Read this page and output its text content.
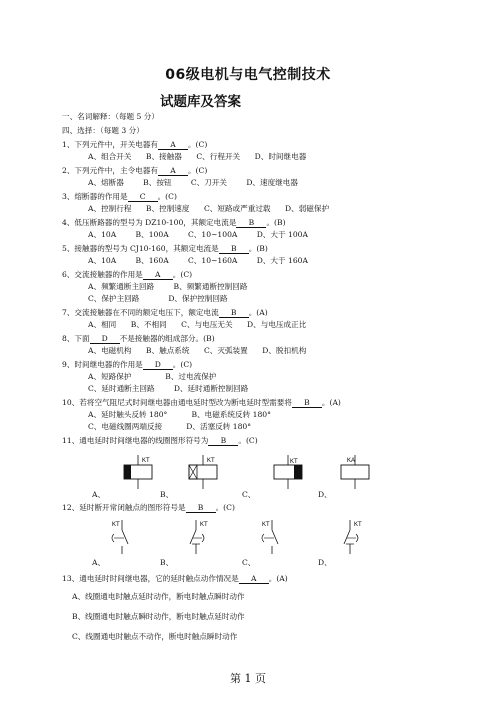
06级电机与电气控制技术
试题库及答案
一、名词解释：（每题 5 分）
四、选择：（每题 3 分）
1、下列元件中，开关电器有 A 。(C)
A、组合开关      B、接触器      C、行程开关      D、时间继电器
2、下列元件中，主令电器有 A 。(C)
A、熔断器        B、按钮        C、刀开关        D、速度继电器
3、熔断器的作用是 C 。(C)
A、控制行程      B、控制速度      C、短路或严重过载      D、弱磁保护
4、低压断路器的型号为 DZ10-100，其额定电流是 B 。(B)
A、10A        B、100A        C、10~100A        D、大于 100A
5、接触器的型号为 CJ10-160，其额定电流是 B 。(B)
A、10A        B、160A        C、10~160A        D、大于 160A
6、交流接触器的作用是 A 。(C)
A、频繁通断主回路        B、频繁通断控制回路
C、保护主回路            D、保护控制回路
7、交流接触器在不同的额定电压下，额定电流 B 。(A)
A、相同      B、不相同      C、与电压无关      D、与电压成正比
8、下面 D 不是接触器的组成部分。(B)
A、电磁机构      B、触点系统      C、灭弧装置      D、脱扣机构
9、时间继电器的作用是 D 。(C)
A、短路保护              B、过电流保护
C、延时通断主回路        D、延时通断控制回路
10、若将空气阻尼式时间继电器由通电延时型改为断电延时型需要将 B 。(A)
A、延时触头反转 180°          B、电磁系统反转 180°
C、电磁线圈两端反接          D、活塞反转 180°
11、通电延时时间继电器的线圈图形符号为 B 。(C)
KT	KT	KT	KA
A、	B、	C、	D、
12、延时断开常闭触点的图形符号是 B 。(C)
KT	KT	KT	KT
A、	B、	C、	D、
13、通电延时时间继电器，它的延时触点动作情况是 A 。(A)
A、线圈通电时触点延时动作，断电时触点瞬时动作
B、线圈通电时触点瞬时动作，断电时触点延时动作
C、线圈通电时触点不动作，断电时触点瞬时动作
第 1 页
